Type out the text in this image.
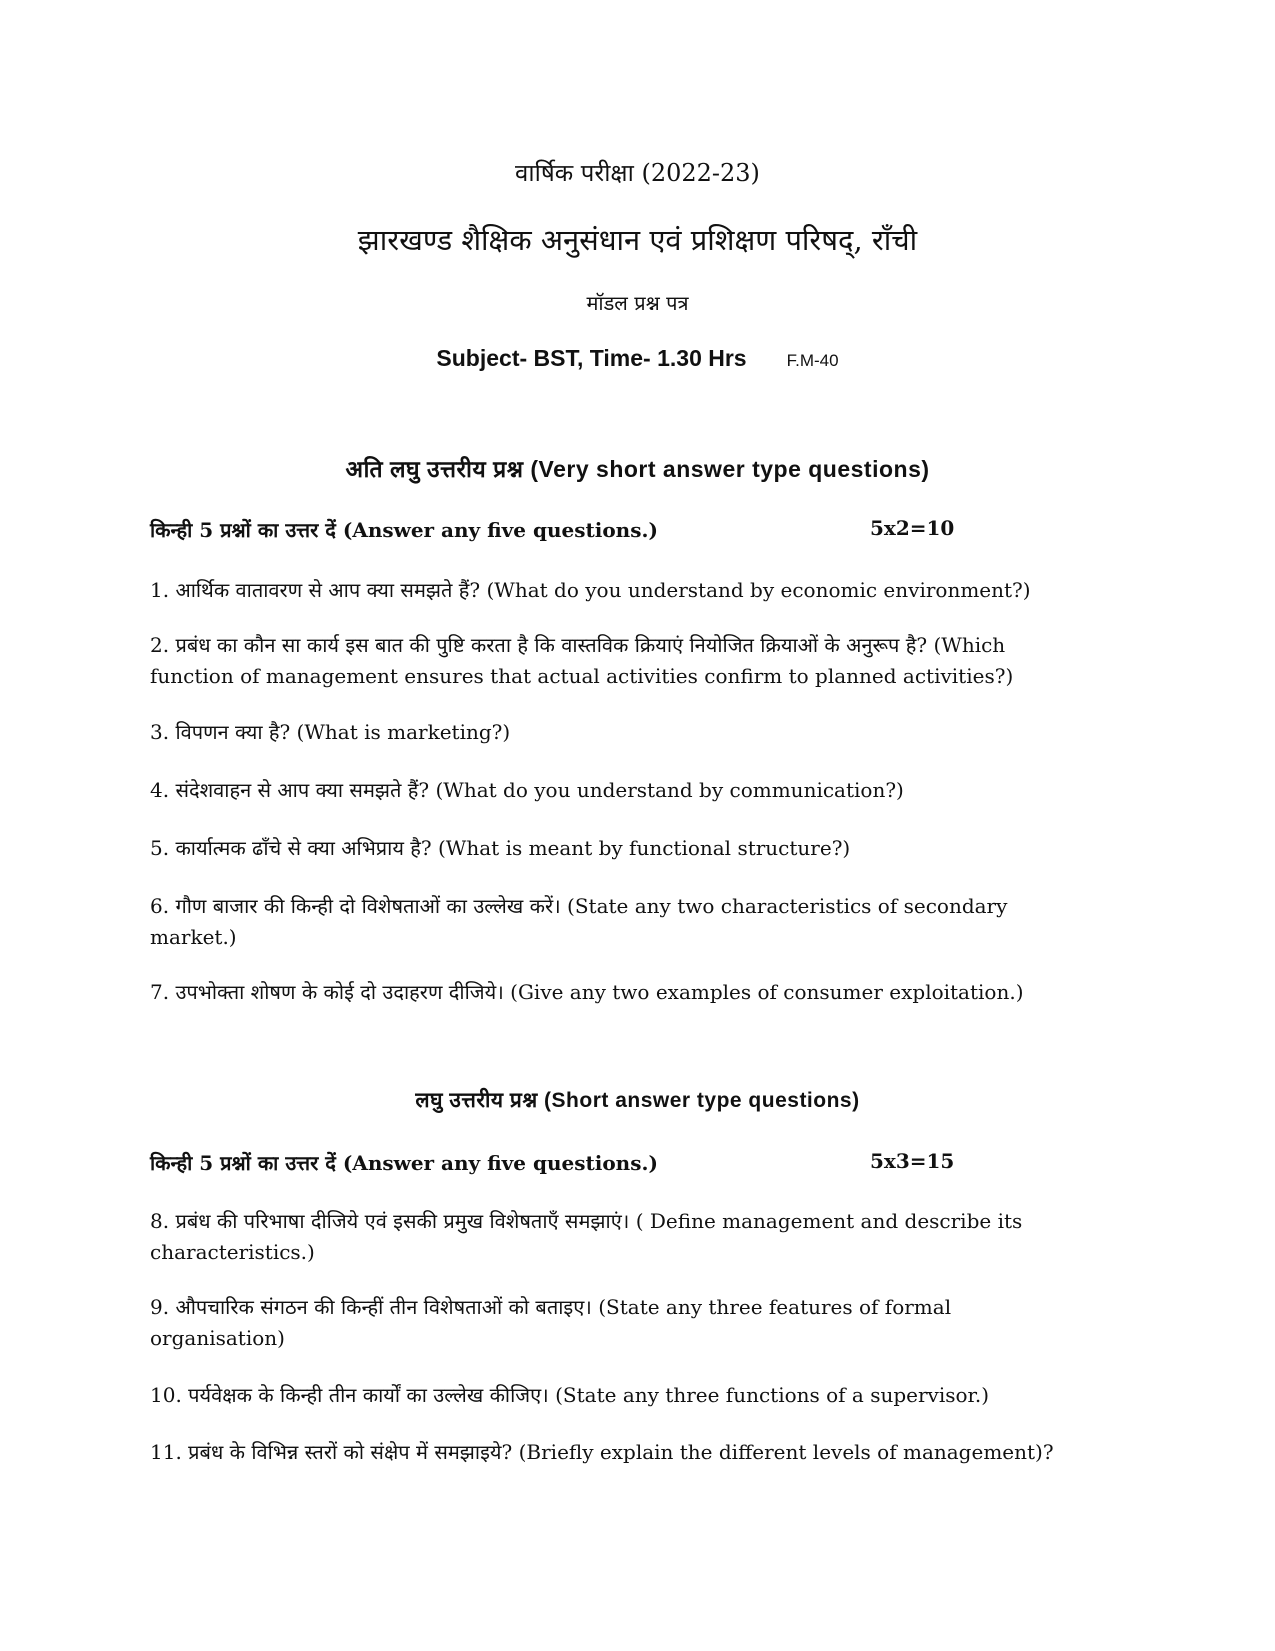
वार्षिक परीक्षा (2022-23)
झारखण्ड शैक्षिक अनुसंधान एवं प्रशिक्षण परिषद्, राँची
मॉडल प्रश्न पत्र
Subject- BST, Time- 1.30 Hrs F.M-40
अति लघु उत्तरीय प्रश्न (Very short answer type questions)
किन्ही 5 प्रश्नों का उत्तर दें (Answer any five questions.)	5x2=10
1. आर्थिक वातावरण से आप क्या समझते हैं? (What do you understand by economic environment?)
2. प्रबंध का कौन सा कार्य इस बात की पुष्टि करता है कि वास्तविक क्रियाएं नियोजित क्रियाओं के अनुरूप है? (Which function of management ensures that actual activities confirm to planned activities?)
3. विपणन क्या है? (What is marketing?)
4. संदेशवाहन से आप क्या समझते हैं? (What do you understand by communication?)
5. कार्यात्मक ढाँचे से क्या अभिप्राय है? (What is meant by functional structure?)
6. गौण बाजार की किन्ही दो विशेषताओं का उल्लेख करें। (State any two characteristics of secondary market.)
7. उपभोक्ता शोषण के कोई दो उदाहरण दीजिये। (Give any two examples of consumer exploitation.)
लघु उत्तरीय प्रश्न (Short answer type questions)
किन्ही 5 प्रश्नों का उत्तर दें (Answer any five questions.)	5x3=15
8. प्रबंध की परिभाषा दीजिये एवं इसकी प्रमुख विशेषताएँ समझाएं। ( Define management and describe its characteristics.)
9. औपचारिक संगठन की किन्हीं तीन विशेषताओं को बताइए। (State any three features of formal organisation)
10. पर्यवेक्षक के किन्ही तीन कार्यों का उल्लेख कीजिए। (State any three functions of a supervisor.)
11. प्रबंध के विभिन्न स्तरों को संक्षेप में समझाइये? (Briefly explain the different levels of management)?
